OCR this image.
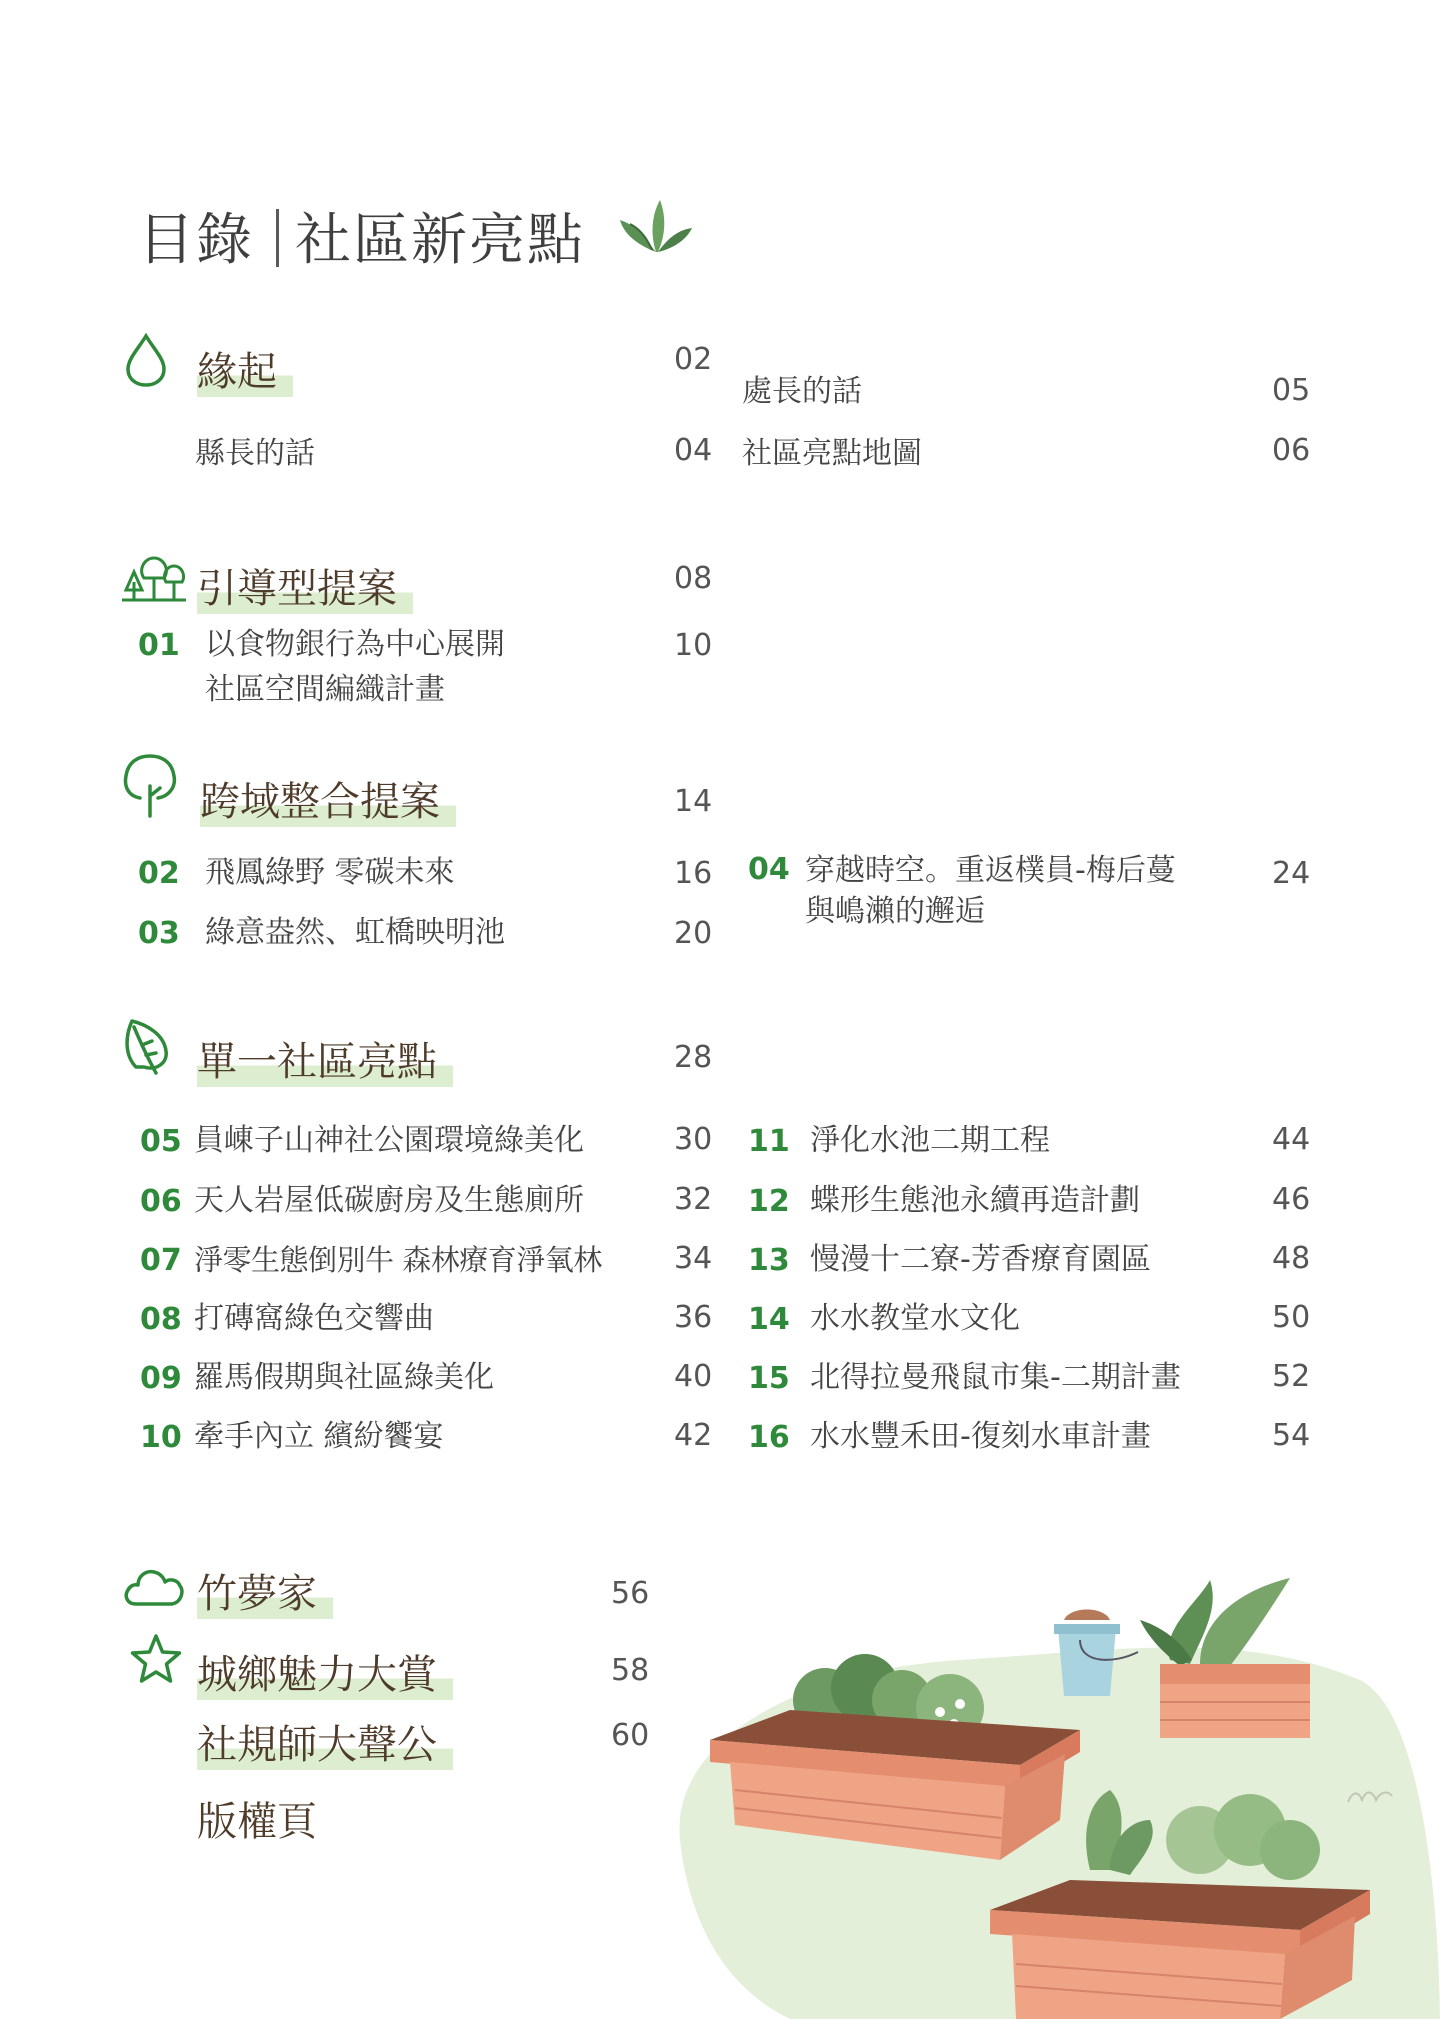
目錄 社區新亮點
緣起	02
縣長的話	04
處長的話	05
社區亮點地圖	06
引導型提案	08
01 以食物銀行為中心展開
社區空間編織計畫
10
跨域整合提案	14
02 飛鳳綠野 零碳未來	16
03 綠意盎然、虹橋映明池	20
04 穿越時空。重返樸員-梅后蔓
與嶋瀨的邂逅
24
單一社區亮點	28
05 員崠子山神社公園環境綠美化	30
06 天人岩屋低碳廚房及生態廁所	32
07 淨零生態倒別牛 森林療育淨氧林 34
08 打磚窩綠色交響曲	36
09 羅馬假期與社區綠美化	40
10 牽手內立 繽紛饗宴	42
11 淨化水池二期工程	44
12 蝶形生態池永續再造計劃	46
13 慢漫十二寮-芳香療育園區	48
14 水水教堂水文化	50
15 北得拉曼飛鼠市集-二期計畫	52
16 水水豐禾田-復刻水車計畫	54
竹夢家	56
城鄉魅力大賞	58
社規師大聲公	60
版權頁
